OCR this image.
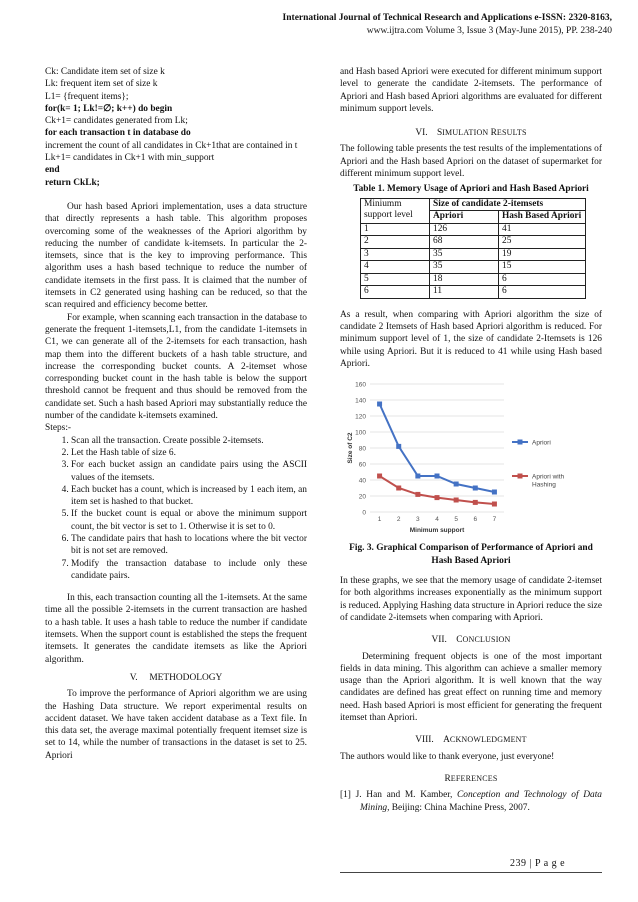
International Journal of Technical Research and Applications e-ISSN: 2320-8163,
www.ijtra.com Volume 3, Issue 3 (May-June 2015), PP. 238-240
Ck: Candidate item set of size k
Lk: frequent item set of size k
L1= {frequent items};
for(k= 1; Lk!=∅; k++) do begin
Ck+1= candidates generated from Lk;
for each transaction t in database do

increment the count of all candidates in Ck+1that are contained in t

Lk+1= candidates in Ck+1 with min_support
end
return CkLk;

Our hash based Apriori implementation, uses a data structure that directly represents a hash table. This algorithm proposes overcoming some of the weaknesses of the Apriori algorithm by reducing the number of candidate k-itemsets. In particular the 2-itemsets, since that is the key to improving performance. This algorithm uses a hash based technique to reduce the number of candidate itemsets in the first pass. It is claimed that the number of itemsets in C2 generated using hashing can be reduced, so that the scan required and efficiency become better.

For example, when scanning each transaction in the database to generate the frequent 1-itemsets,L1, from the candidate 1-itemsets in C1, we can generate all of the 2-itemsets for each transaction, hash map them into the different buckets of a hash table structure, and increase the corresponding bucket counts. A 2-itemset whose corresponding bucket count in the hash table is below the support threshold cannot be frequent and thus should be removed from the candidate set. Such a hash based Apriori may substantially reduce the number of the candidate k-itemsets examined.

Steps:-
1. Scan all the transaction. Create possible 2-itemsets.
2. Let the Hash table of size 6.
3. For each bucket assign an candidate pairs using the ASCII values of the itemsets.
4. Each bucket has a count, which is increased by 1 each item, an item set is hashed to that bucket.
5. If the bucket count is equal or above the minimum support count, the bit vector is set to 1. Otherwise it is set to 0.
6. The candidate pairs that hash to locations where the bit vector bit is not set are removed.
7. Modify the transaction database to include only these candidate pairs.

In this, each transaction counting all the 1-itemsets. At the same time all the possible 2-itemsets in the current transaction are hashed to a hash table. It uses a hash table to reduce the number if candidate itemsets. When the support count is established the steps the frequent itemsets. It generates the candidate itemsets as like the Apriori algorithm.

V. METHODOLOGY

To improve the performance of Apriori algorithm we are using the Hashing Data structure. We report experimental results on accident dataset. We have taken accident database as a Text file. In this data set, the average maximal potentially frequent itemset size is set to 14, while the number of transactions in the dataset is set to 25. Apriori

and Hash based Apriori were executed for different minimum support level to generate the candidate 2-itemsets. The performance of Apriori and Hash based Apriori algorithms are evaluated for different minimum support levels.

VI. SIMULATION RESULTS

The following table presents the test results of the implementations of Apriori and the Hash based Apriori on the dataset of supermarket for different minimum support level.

Table 1. Memory Usage of Apriori and Hash Based Apriori
Miniumm support level	Size of candidate 2-itemsets	
	Apriori	Hash Based Apriori
1	126	41
2	68	25
3	35	19
4	35	15
5	18	6
6	11	6

As a result, when comparing with Apriori algorithm the size of candidate 2 Itemsets of Hash based Apriori algorithm is reduced. For minimum support level of 1, the size of candidate 2-Itemsets is 126 while using Apriori. But it is reduced to 41 while using Hash based Apriori.

0
20
40
60
80
100
120
140
160
1 2 3 4 5 6 7
Minimum support
Size of C2	Apriori
Apriori with
Hashing
Fig. 3. Graphical Comparison of Performance of Apriori and Hash Based Apriori

In these graphs, we see that the memory usage of candidate 2-itemset for both algorithms increases exponentially as the minimum support is reduced. Applying Hashing data structure in Apriori reduce the size of candidate 2-itemsets when comparing with Apriori.

VII. CONCLUSION

Determining frequent objects is one of the most important fields in data mining. This algorithm can achieve a smaller memory usage than the Apriori algorithm. It is well known that the way candidates are defined has great effect on running time and memory need. Hash based Apriori is most efficient for generating the frequent itemset than Apriori.

VIII. ACKNOWLEDGMENT

The authors would like to thank everyone, just everyone!

REFERENCES

[1] J. Han and M. Kamber, Conception and Technology of Data Mining, Beijing: China Machine Press, 2007.

239 | P a g e
